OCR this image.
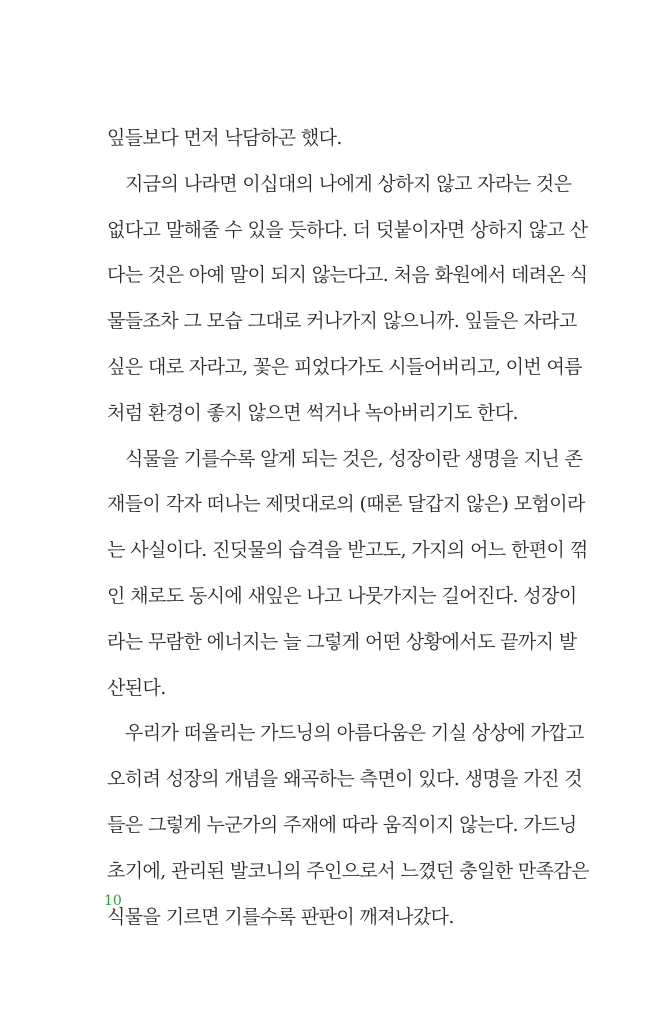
잎들보다 먼저 낙담하곤 했다.
지금의 나라면 이십대의 나에게 상하지 않고 자라는 것은
없다고 말해줄 수 있을 듯하다. 더 덧붙이자면 상하지 않고 산
다는 것은 아예 말이 되지 않는다고. 처음 화원에서 데려온 식
물들조차 그 모습 그대로 커나가지 않으니까. 잎들은 자라고
싶은 대로 자라고, 꽃은 피었다가도 시들어버리고, 이번 여름
처럼 환경이 좋지 않으면 썩거나 녹아버리기도 한다.
식물을 기를수록 알게 되는 것은, 성장이란 생명을 지닌 존
재들이 각자 떠나는 제멋대로의 (때론 달갑지 않은) 모험이라
는 사실이다. 진딧물의 습격을 받고도, 가지의 어느 한편이 꺾
인 채로도 동시에 새잎은 나고 나뭇가지는 길어진다. 성장이
라는 무람한 에너지는 늘 그렇게 어떤 상황에서도 끝까지 발
산된다.
우리가 떠올리는 가드닝의 아름다움은 기실 상상에 가깝고
오히려 성장의 개념을 왜곡하는 측면이 있다. 생명을 가진 것
들은 그렇게 누군가의 주재에 따라 움직이지 않는다. 가드닝
초기에, 관리된 발코니의 주인으로서 느꼈던 충일한 만족감은
식물을 기르면 기를수록 판판이 깨져나갔다.
10
